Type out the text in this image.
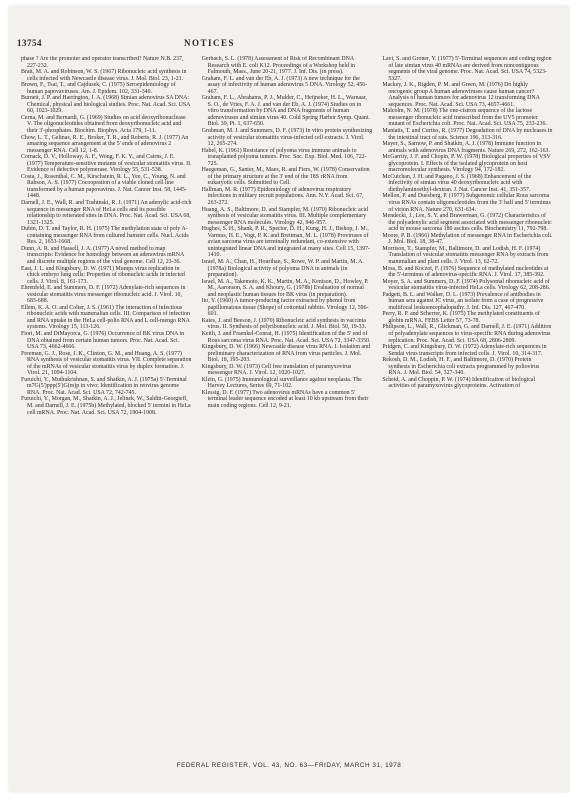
13754	NOTICES

phase ? Are the promoter and operator transcribed? Nature N.B. 237, 227-232.

Bratt, M. A. and Robinson, W. S. (1967) Ribonucleic acid synthesis in cells infected with Newcastle disease virus. J. Mol. Biol. 23, 1-21.

Brown, F., Tsai, T., and Cajdusek, C. (1975) Seroepidemiology of human papovaviruses. Am. J. Epidem. 102, 331-340.

Burnett, J. P. and Harrington, J. A. (1968) Simian adenovirus SA DNA: Chemical, physical and biological studies. Proc. Nat. Acad. Sci. USA 60, 1023-1029.

Cerna, M. and Bernardi, G. (1969) Studies on acid deoxyribonuclease V. The oligonucleotides obtained from deoxyribonucleic acid and their 3'-phosphates. Biochim. Biophys. Acta 179, 1-11.

Chow, L. T., Gelinas, R. E., Broker, T. R., and Roberts, R. J. (1977) An amazing sequence arrangement at the 5' ends of adenovirus 2 messenger RNA. Cell 12, 1-8.

Cornack, D. V., Holloway, A. F., Wong, F. K. Y., and Cairns, J. E. (1977) Temperature-sensitive mutants of vesicular stomatitis virus. II. Evidence of defective polymerase. Virology 55, 531-538.

Costa, J., Rosenthal, C. M., Kirschstein, R. L., Yee, C., Young, N. and Rabson, A. S. (1977) Cocoopration of a viable cloned cell line transformed by a human papovavirus. J. Nat. Cancer Inst. 58, 1445-1448.

Darnell, J. E., Wall, R. and Tushinski, R. J. (1971) An adenylic acid-rich sequence in messenger RNA of HeLa cells and its possible relationship to reiterated sites in DNA. Proc. Nat. Acad. Sci. USA 68, 1321-1325.

Dubin, D. T. and Taylor, R. H. (1975) The methylation state of poly A-containing messenger RNA from cultured hamster cells. Nucl. Acids Res. 2, 1653-1668.

Dunn, A. R. and Hassell, J. A. (1977) A novel method to map transcripts: Evidence for homology between an adenovirus mRNA and discrete multiple regions of the viral genome. Cell 12, 23-36.

East, J. L. and Kingsbury, D. W. (1971) Mumps virus replication in chick embryo lung cells: Properties of ribonucleic acids in infected cells. J. Virol. 8, 161-173.

Ehrenfeld, E. and Summers, D. F. (1972) Adenylate-rich sequences in vesicular stomatitis virus messenger ribonucleic acid. J. Virol. 10, 683-688.

Ellem, K. A. O. and Colter, J. S. (1961) The interaction of infectious ribonucleic acids with mammalian cells. III. Comparison of infection and RNA uptake in the HeLa cell-polio RNA and L cell-mengo RNA systems. Virology 15, 113-126.

Fiori, M. and DiMayorca, G. (1976) Occurrence of BK virus DNA in DNA obtained from certain human tumors. Proc. Nat. Acad. Sci. USA 73, 4662-4666.

Freeman, G. J., Rose, J. K., Clinton, G. M., and Huang, A. S. (1977) RNA synthesis of vesicular stomatitis virus. VII. Complete separation of the mRNAs of vesicular stomatitis virus by duplex formation. J. Virol. 21, 1094-1104.

Furuichi, Y., Muthukrishnan, S. and Shatkin, A. J. (1975a) 5'-Terminal m7G(5')ppp(5')G(m)p in vivo: Identification in reovirus genome RNA. Proc. Nat. Acad. Sci. USA 72, 742-745.

Furuichi, Y., Morgan, M., Shatkin, A. J., Jelinek, W., Salditt-Georgieff, M. and Darnell, J. E. (1975b) Methylated, blocked 5' termini in HeLa cell mRNA. Proc. Nat. Acad. Sci. USA 72, 1904-1908.

Gerbach, S. L. (1978) Assessment of Risk of Recombinant DNA Research with E. coli K12. Proceedings of a Workshop held in Falmouth, Mass., June 20-21, 1977. J. Inf. Dis. (in press).

Graham, F. L. and van der Eb, A. J. (1973) A new technique for the assay of infectivity of human adenovirus 5 DNA. Virology 52, 456-467.

Graham, F. L., Abrahams, P. J., Mulder, C., Heijneker, H. L., Warnaar, S. O., de Vries, F. A. J. and van der Eb, A. J. (1974) Studies on in vitro transformation by DNA and DNA fragments of human adenoviruses and simian virus 40. Cold Spring Harbor Symp. Quant. Biol. 39, Pt. 1, 637-650.

Grubman, M. J. and Summers, D. F. (1973) In vitro protein synthesizing activity of vesicular stomatitis virus-infected cell extracts. J. Virol. 12, 265-274.

Habel, K. (1961) Resistance of polyoma virus immune animals to transplanted polyoma tumors. Proc. Soc. Exp. Biol. Med. 106, 722-725.

Haegeman, G., Santer, M., Maes, R. and Fiers, W. (1978) Conservation of the primary structure at the 3' end of the 18S rRNA from eukaryotic cells. Submitted to Cell.

Hallman, M. R. (1977) Epidemiology of adenovirus respiratory infections in military recruit populations. Ann. N.Y. Acad. Sci. 67, 263-272.

Huang, A. S., Baltimore, D. and Stampfer, M. (1970) Ribonucleic acid synthesis of vesicular stomatitis virus. III. Multiple complementary messenger RNA molecules. Virology 42, 946-957.

Hughes, S. H., Shank, P. R., Spector, D. H., Kung, H. J., Bishop, J. M., Varmus, H. E., Vogt, P. K. and Breitman, M. L. (1978) Proviruses of avian sarcoma virus are terminally redundant, co-extensive with unintegrated linear DNA and integrated at many sites. Cell 15, 1397-1410.

Israel, M. A., Chan, H., Hourihan, S., Rowe, W. P. and Martin, M. A. (1978a) Biological activity of polyoma DNA in animals (in preparation).

Israel, M. A., Takemoto, K. K., Martin, M. A., Kenison, D., Howley, P. M., Aaronson, S. A. and Khoury, G. (1978b) Evaluation of normal and neoplastic human tissues for BK virus (in preparation).

Ito, Y. (1960) A tumor-producing factor extracted by phenol from papillomatous tissue (Shope) of cottontail rabbits. Virology 12, 596-601.

Kates, J. and Beeson, J. (1970) Ribonucleic acid synthesis in vaccinia virus. II. Synthesis of polyribonucleic acid. J. Mol. Biol. 50, 19-33.

Keith, J. and Fraenkel-Conrat, H. (1975) Identification of the 5' end of Rous sarcoma virus RNA. Proc. Nat. Acad. Sci. USA 72, 3347-3350.

Kingsbury, D. W. (1966) Newcastle disease virus RNA. I. Isolation and preliminary characterization of RNA from virus particles. J. Mol. Biol. 18, 195-203.

Kingsbury, D. W. (1973) Cell free translation of paramyxovirus messenger RNA. J. Virol. 12, 1020-1027.

Klein, G. (1975) Immunological surveillance against neoplasia. The Harvey Lectures, Series 69, 71-102.

Klessig, D. F. (1977) Two adenovirus mRNAs have a common 5' terminal leader sequence encoded at least 10 kb upstream from their main coding regions. Cell 12, 9-21.

Lavi, S. and Groner, Y. (1977) 5'-Terminal sequences and coding region of late simian virus 40 mRNAs are derived from noncontiguous segments of the viral genome. Proc. Nat. Acad. Sci. USA 74, 5323-5327.

Mackey, J. K., Rigden, P. M. and Green, M. (1976) Do highly oncogenic group A human adenoviruses cause human cancer? Analysis of human tumors for adenovirus 12 transforming DNA sequences. Proc. Nat. Acad. Sci. USA 73, 4657-4661.

Malcolm, N. M. (1978) The one-cistron sequence of the lactose messenger ribonucleic acid transcribed from the UV5 promoter mutant of Escherichia coli. Proc. Nat. Acad. Sci. USA 75, 233-236.

Maniatis, T. and Curtiss, R. (1977) Degradation of DNA by nucleases in the intestinal tract of rats. Science 196, 313-316.

Mayer, S., Sarnow, P. and Shatkin, A. J. (1978) Immune function in animals with adenovirus DNA fragments. Nature 269, 272, 162-163.

McGarrity, J. F. and Chopin, P. W. (1978) Biological properties of VSV glycoprotein. I. Effects of the isolated glycoprotein on host macromolecular synthesis. Virology 94, 172-182.

McCutchan, J. H. and Pagano, J. S. (1968) Enhancement of the infectivity of simian virus 40 deoxyribonucleic acid with diethylaminoethyl-dextran. J. Nat. Cancer Inst. 41, 351-357.

Mellon, P. and Duesberg, P. (1977) Subgenomic cellular Rous sarcoma virus RNAs contain oligonucleotides from the 3' half and 5' terminus of virion RNA. Nature 270, 631-634.

Mendecki, J., Lee, S. Y. and Brawerman, G. (1972) Characteristics of the polyadenylic acid segment associated with messenger ribonucleic acid in mouse sarcoma 180 ascites cells. Biochemistry 11, 792-798.

Moore, P. B. (1966) Methylation of messenger RNA in Escherichia coli. J. Mol. Biol. 18, 38-47.

Morrison, T., Stampfer, M., Baltimore, D. and Lodish, H. F. (1974) Translation of vesicular stomatitis messenger RNA by extracts from mammalian and plant cells. J. Virol. 13, 62-72.

Moss, B. and Koczot, F. (1976) Sequence of methylated nucleotides at the 5'-terminus of adenovirus-specific RNA. J. Virol. 17, 385-392.

Moyer, S. A. and Summers, D. F. (1974) Polysomal ribonucleic acid of vesicular stomatitis virus-infected HeLa cells. Virology 62, 208-286.

Padgett, B. L. and Walker, D. L. (1973) Prevalence of antibodies in human sera against JC virus, an isolate from a case of progressive multifocal leukoencephalopathy. J. Inf. Dis. 127, 467-470.

Perry, R. P. and Scherrer, K. (1975) The methylated constituents of globin mRNA. FEBS Letter 57, 73-78.

Philipson, L., Wall, R., Glickman, G. and Darnell, J. E. (1971) Addition of polyadenylate sequences to virus-specific RNA during adenovirus replication. Proc. Nat. Acad. Sci. USA 68, 2806-2809.

Pridgen, C. and Kingsbury, D. W. (1972) Adenylate-rich sequences in Sendai virus transcripts from infected cells. J. Virol. 10, 314-317.

Rekosh, D. M., Lodish, H. F., and Baltimore, D. (1970) Protein synthesis in Escherichia coli extracts programmed by poliovirus RNA. J. Mol. Biol. 54, 327-340.

Scheid, A. and Choppin, P. W. (1974) Identification of biological activities of paramyxovirus glycoproteins. Activation of

FEDERAL REGISTER, VOL. 43, NO. 63—FRIDAY, MARCH 31, 1978
